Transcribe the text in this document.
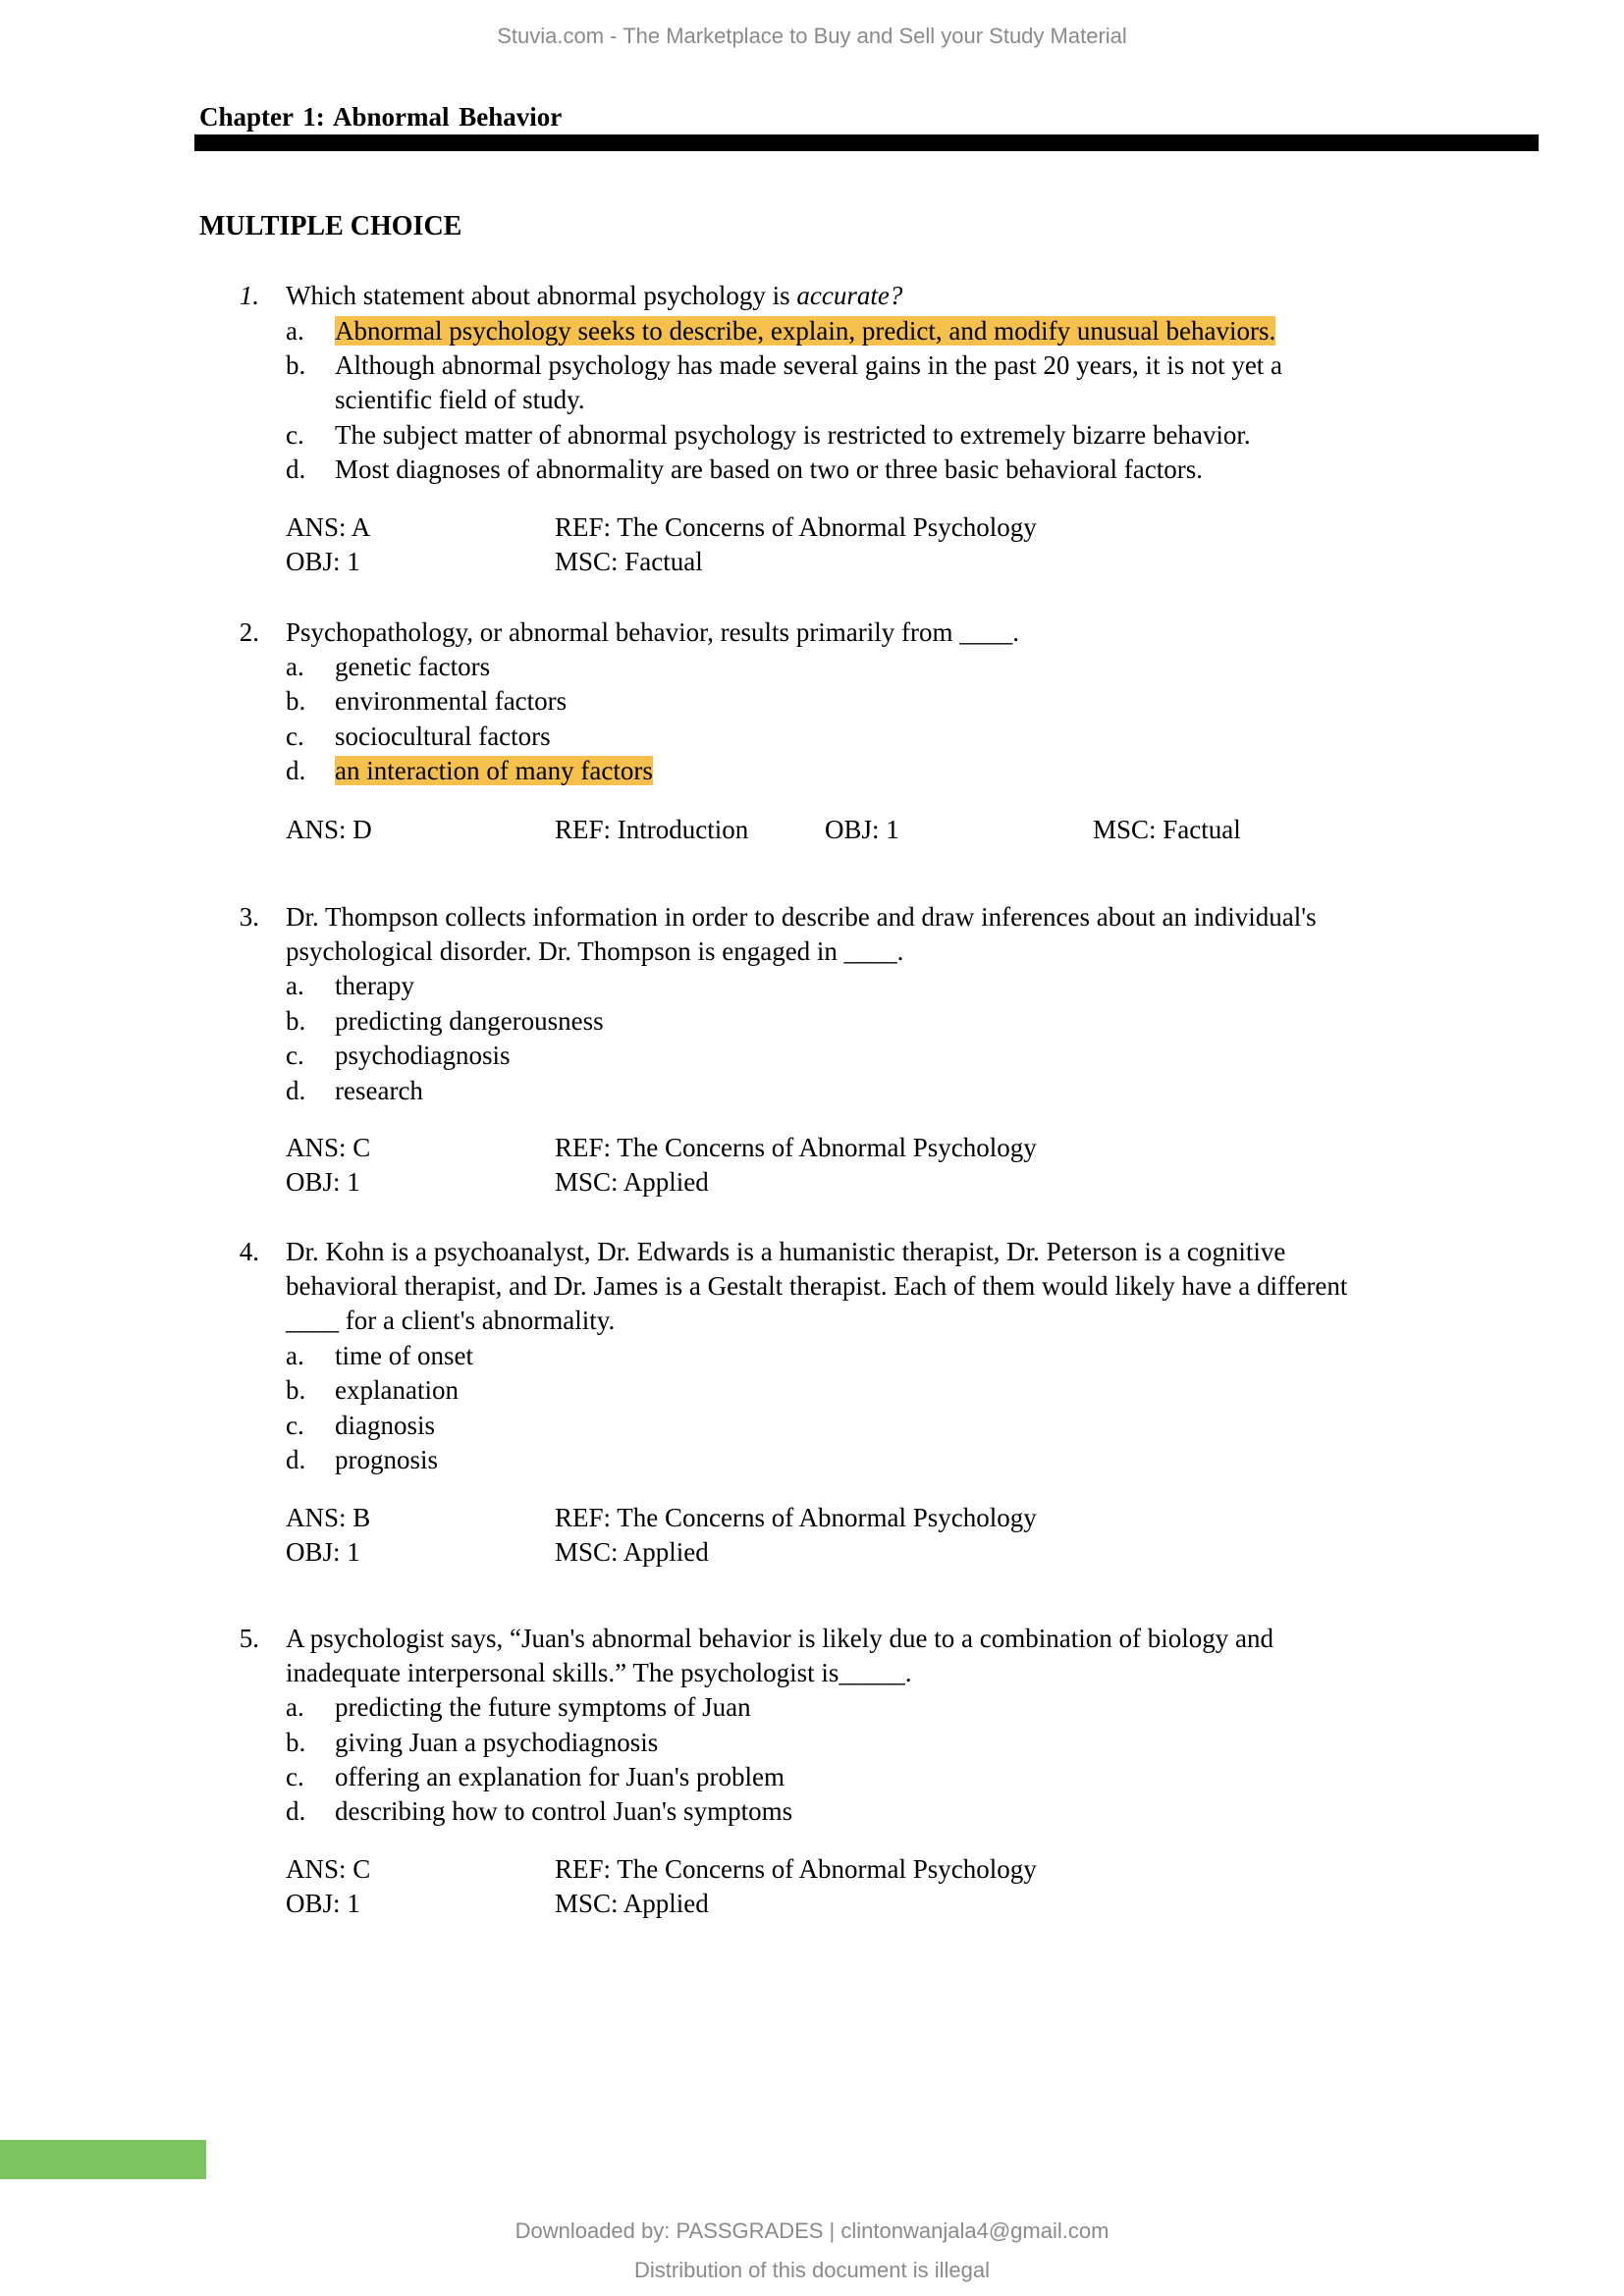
Stuvia.com - The Marketplace to Buy and Sell your Study Material
Chapter 1: Abnormal Behavior
MULTIPLE CHOICE
1. Which statement about abnormal psychology is accurate?
a. Abnormal psychology seeks to describe, explain, predict, and modify unusual behaviors.
b. Although abnormal psychology has made several gains in the past 20 years, it is not yet a
scientific field of study.
c. The subject matter of abnormal psychology is restricted to extremely bizarre behavior.
d. Most diagnoses of abnormality are based on two or three basic behavioral factors.
ANS: A	REF: The Concerns of Abnormal Psychology
OBJ: 1	MSC: Factual
2. Psychopathology, or abnormal behavior, results primarily from ____.
a. genetic factors
b. environmental factors
c. sociocultural factors
d. an interaction of many factors
ANS: D	REF: Introduction	OBJ: 1	MSC: Factual
3. Dr. Thompson collects information in order to describe and draw inferences about an individual's
psychological disorder. Dr. Thompson is engaged in ____.
a. therapy
b. predicting dangerousness
c. psychodiagnosis
d. research
ANS: C	REF: The Concerns of Abnormal Psychology
OBJ: 1	MSC: Applied
4. Dr. Kohn is a psychoanalyst, Dr. Edwards is a humanistic therapist, Dr. Peterson is a cognitive
behavioral therapist, and Dr. James is a Gestalt therapist. Each of them would likely have a different
____ for a client's abnormality.
a. time of onset
b. explanation
c. diagnosis
d. prognosis
ANS: B	REF: The Concerns of Abnormal Psychology
OBJ: 1	MSC: Applied
5. A psychologist says, “Juan's abnormal behavior is likely due to a combination of biology and
inadequate interpersonal skills.” The psychologist is_____.
a. predicting the future symptoms of Juan
b. giving Juan a psychodiagnosis
c. offering an explanation for Juan's problem
d. describing how to control Juan's symptoms
ANS: C	REF: The Concerns of Abnormal Psychology
OBJ: 1	MSC: Applied
Downloaded by: PASSGRADES | clintonwanjala4@gmail.com
Distribution of this document is illegal
